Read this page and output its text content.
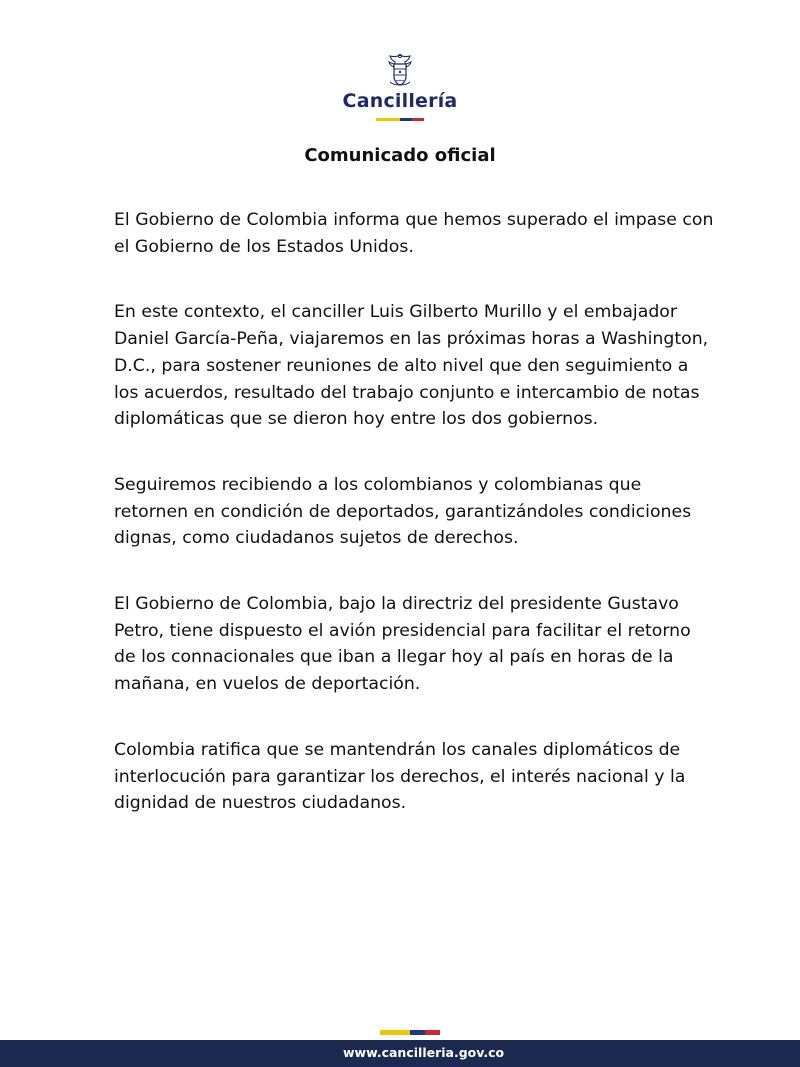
Cancillería
Comunicado oficial

El Gobierno de Colombia informa que hemos superado el impase con el Gobierno de los Estados Unidos.

En este contexto, el canciller Luis Gilberto Murillo y el embajador Daniel García-Peña, viajaremos en las próximas horas a Washington, D.C., para sostener reuniones de alto nivel que den seguimiento a los acuerdos, resultado del trabajo conjunto e intercambio de notas diplomáticas que se dieron hoy entre los dos gobiernos.

Seguiremos recibiendo a los colombianos y colombianas que retornen en condición de deportados, garantizándoles condiciones dignas, como ciudadanos sujetos de derechos.

El Gobierno de Colombia, bajo la directriz del presidente Gustavo Petro, tiene dispuesto el avión presidencial para facilitar el retorno de los connacionales que iban a llegar hoy al país en horas de la mañana, en vuelos de deportación.

Colombia ratifica que se mantendrán los canales diplomáticos de interlocución para garantizar los derechos, el interés nacional y la dignidad de nuestros ciudadanos.

www.cancilleria.gov.co
